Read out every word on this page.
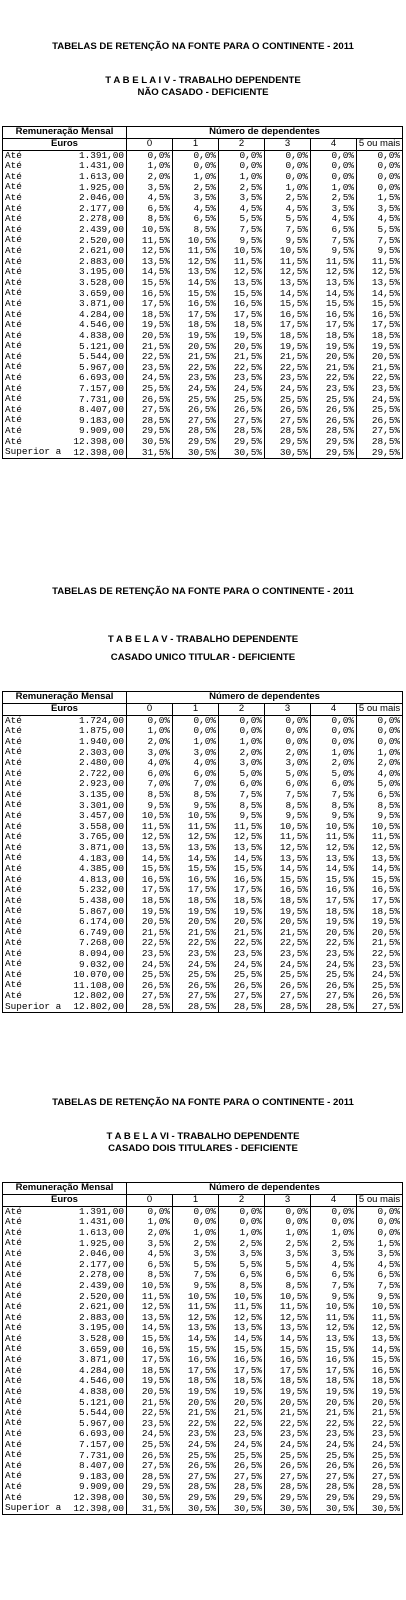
TABELAS DE RETENÇÃO NA FONTE PARA O CONTINENTE - 2011
T A B E L A I V - TRABALHO DEPENDENTE
NÃO CASADO - DEFICIENTE
Remuneração Mensal	Número de dependentes					
Euros	0	1	2	3	4	5 ou mais

Até 1.391,00	0,0%	0,0%	0,0%	0,0%	0,0%	0,0%

Até 1.431,00	1,0%	0,0%	0,0%	0,0%	0,0%	0,0%

Até 1.613,00	2,0%	1,0%	1,0%	0,0%	0,0%	0,0%

Até 1.925,00	3,5%	2,5%	2,5%	1,0%	1,0%	0,0%

Até 2.046,00	4,5%	3,5%	3,5%	2,5%	2,5%	1,5%

Até 2.177,00	6,5%	4,5%	4,5%	4,5%	3,5%	3,5%

Até 2.278,00	8,5%	6,5%	5,5%	5,5%	4,5%	4,5%

Até 2.439,00	10,5%	8,5%	7,5%	7,5%	6,5%	5,5%

Até 2.520,00	11,5%	10,5%	9,5%	9,5%	7,5%	7,5%

Até 2.621,00	12,5%	11,5%	10,5%	10,5%	9,5%	9,5%

Até 2.883,00	13,5%	12,5%	11,5%	11,5%	11,5%	11,5%

Até 3.195,00	14,5%	13,5%	12,5%	12,5%	12,5%	12,5%

Até 3.528,00	15,5%	14,5%	13,5%	13,5%	13,5%	13,5%

Até 3.659,00	16,5%	15,5%	15,5%	14,5%	14,5%	14,5%

Até 3.871,00	17,5%	16,5%	16,5%	15,5%	15,5%	15,5%

Até 4.284,00	18,5%	17,5%	17,5%	16,5%	16,5%	16,5%

Até 4.546,00	19,5%	18,5%	18,5%	17,5%	17,5%	17,5%

Até 4.838,00	20,5%	19,5%	19,5%	18,5%	18,5%	18,5%

Até 5.121,00	21,5%	20,5%	20,5%	19,5%	19,5%	19,5%

Até 5.544,00	22,5%	21,5%	21,5%	21,5%	20,5%	20,5%

Até 5.967,00	23,5%	22,5%	22,5%	22,5%	21,5%	21,5%

Até 6.693,00	24,5%	23,5%	23,5%	23,5%	22,5%	22,5%

Até 7.157,00	25,5%	24,5%	24,5%	24,5%	23,5%	23,5%

Até 7.731,00	26,5%	25,5%	25,5%	25,5%	25,5%	24,5%

Até 8.407,00	27,5%	26,5%	26,5%	26,5%	26,5%	25,5%

Até 9.183,00	28,5%	27,5%	27,5%	27,5%	26,5%	26,5%

Até 9.909,00	29,5%	28,5%	28,5%	28,5%	28,5%	27,5%

Até 12.398,00	30,5%	29,5%	29,5%	29,5%	29,5%	28,5%

Superior a 12.398,00	31,5%	30,5%	30,5%	30,5%	29,5%	29,5%
TABELAS DE RETENÇÃO NA FONTE PARA O CONTINENTE - 2011
T A B E L A V - TRABALHO DEPENDENTE
CASADO UNICO TITULAR - DEFICIENTE
Remuneração Mensal	Número de dependentes					
Euros	0	1	2	3	4	5 ou mais

Até 1.724,00	0,0%	0,0%	0,0%	0,0%	0,0%	0,0%

Até 1.875,00	1,0%	0,0%	0,0%	0,0%	0,0%	0,0%

Até 1.940,00	2,0%	1,0%	1,0%	0,0%	0,0%	0,0%

Até 2.303,00	3,0%	3,0%	2,0%	2,0%	1,0%	1,0%

Até 2.480,00	4,0%	4,0%	3,0%	3,0%	2,0%	2,0%

Até 2.722,00	6,0%	6,0%	5,0%	5,0%	5,0%	4,0%

Até 2.923,00	7,0%	7,0%	6,0%	6,0%	6,0%	5,0%

Até 3.135,00	8,5%	8,5%	7,5%	7,5%	7,5%	6,5%

Até 3.301,00	9,5%	9,5%	8,5%	8,5%	8,5%	8,5%

Até 3.457,00	10,5%	10,5%	9,5%	9,5%	9,5%	9,5%

Até 3.558,00	11,5%	11,5%	11,5%	10,5%	10,5%	10,5%

Até 3.765,00	12,5%	12,5%	12,5%	11,5%	11,5%	11,5%

Até 3.871,00	13,5%	13,5%	13,5%	12,5%	12,5%	12,5%

Até 4.183,00	14,5%	14,5%	14,5%	13,5%	13,5%	13,5%

Até 4.385,00	15,5%	15,5%	15,5%	14,5%	14,5%	14,5%

Até 4.813,00	16,5%	16,5%	16,5%	15,5%	15,5%	15,5%

Até 5.232,00	17,5%	17,5%	17,5%	16,5%	16,5%	16,5%

Até 5.438,00	18,5%	18,5%	18,5%	18,5%	17,5%	17,5%

Até 5.867,00	19,5%	19,5%	19,5%	19,5%	18,5%	18,5%

Até 6.174,00	20,5%	20,5%	20,5%	20,5%	19,5%	19,5%

Até 6.749,00	21,5%	21,5%	21,5%	21,5%	20,5%	20,5%

Até 7.268,00	22,5%	22,5%	22,5%	22,5%	22,5%	21,5%

Até 8.094,00	23,5%	23,5%	23,5%	23,5%	23,5%	22,5%

Até 9.032,00	24,5%	24,5%	24,5%	24,5%	24,5%	23,5%

Até 10.070,00	25,5%	25,5%	25,5%	25,5%	25,5%	24,5%

Até 11.108,00	26,5%	26,5%	26,5%	26,5%	26,5%	25,5%

Até 12.802,00	27,5%	27,5%	27,5%	27,5%	27,5%	26,5%

Superior a 12.802,00	28,5%	28,5%	28,5%	28,5%	28,5%	27,5%
TABELAS DE RETENÇÃO NA FONTE PARA O CONTINENTE - 2011
T A B E L A VI - TRABALHO DEPENDENTE
CASADO DOIS TITULARES - DEFICIENTE
Remuneração Mensal	Número de dependentes					
Euros	0	1	2	3	4	5 ou mais

Até 1.391,00	0,0%	0,0%	0,0%	0,0%	0,0%	0,0%

Até 1.431,00	1,0%	0,0%	0,0%	0,0%	0,0%	0,0%

Até 1.613,00	2,0%	1,0%	1,0%	1,0%	1,0%	0,0%

Até 1.925,00	3,5%	2,5%	2,5%	2,5%	2,5%	1,5%

Até 2.046,00	4,5%	3,5%	3,5%	3,5%	3,5%	3,5%

Até 2.177,00	6,5%	5,5%	5,5%	5,5%	4,5%	4,5%

Até 2.278,00	8,5%	7,5%	6,5%	6,5%	6,5%	6,5%

Até 2.439,00	10,5%	9,5%	8,5%	8,5%	7,5%	7,5%

Até 2.520,00	11,5%	10,5%	10,5%	10,5%	9,5%	9,5%

Até 2.621,00	12,5%	11,5%	11,5%	11,5%	10,5%	10,5%

Até 2.883,00	13,5%	12,5%	12,5%	12,5%	11,5%	11,5%

Até 3.195,00	14,5%	13,5%	13,5%	13,5%	12,5%	12,5%

Até 3.528,00	15,5%	14,5%	14,5%	14,5%	13,5%	13,5%

Até 3.659,00	16,5%	15,5%	15,5%	15,5%	15,5%	14,5%

Até 3.871,00	17,5%	16,5%	16,5%	16,5%	16,5%	15,5%

Até 4.284,00	18,5%	17,5%	17,5%	17,5%	17,5%	16,5%

Até 4.546,00	19,5%	18,5%	18,5%	18,5%	18,5%	18,5%

Até 4.838,00	20,5%	19,5%	19,5%	19,5%	19,5%	19,5%

Até 5.121,00	21,5%	20,5%	20,5%	20,5%	20,5%	20,5%

Até 5.544,00	22,5%	21,5%	21,5%	21,5%	21,5%	21,5%

Até 5.967,00	23,5%	22,5%	22,5%	22,5%	22,5%	22,5%

Até 6.693,00	24,5%	23,5%	23,5%	23,5%	23,5%	23,5%

Até 7.157,00	25,5%	24,5%	24,5%	24,5%	24,5%	24,5%

Até 7.731,00	26,5%	25,5%	25,5%	25,5%	25,5%	25,5%

Até 8.407,00	27,5%	26,5%	26,5%	26,5%	26,5%	26,5%

Até 9.183,00	28,5%	27,5%	27,5%	27,5%	27,5%	27,5%

Até 9.909,00	29,5%	28,5%	28,5%	28,5%	28,5%	28,5%

Até 12.398,00	30,5%	29,5%	29,5%	29,5%	29,5%	29,5%

Superior a 12.398,00	31,5%	30,5%	30,5%	30,5%	30,5%	30,5%
